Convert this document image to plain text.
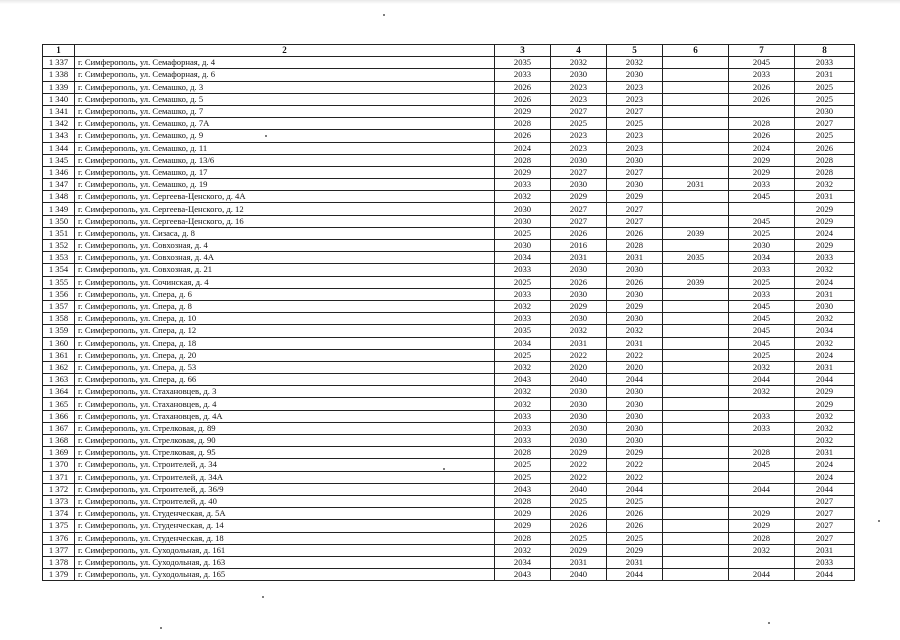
1	2	3	4	5	6	7	8
1 337	г. Симферополь, ул. Семафорная, д. 4	2035	2032	2032		2045	2033
1 338	г. Симферополь, ул. Семафорная, д. 6	2033	2030	2030		2033	2031
1 339	г. Симферополь, ул. Семашко, д. 3	2026	2023	2023		2026	2025
1 340	г. Симферополь, ул. Семашко, д. 5	2026	2023	2023		2026	2025
1 341	г. Симферополь, ул. Семашко, д. 7	2029	2027	2027			2030
1 342	г. Симферополь, ул. Семашко, д. 7А	2028	2025	2025		2028	2027
1 343	г. Симферополь, ул. Семашко, д. 9	2026	2023	2023		2026	2025
1 344	г. Симферополь, ул. Семашко, д. 11	2024	2023	2023		2024	2026
1 345	г. Симферополь, ул. Семашко, д. 13/6	2028	2030	2030		2029	2028
1 346	г. Симферополь, ул. Семашко, д. 17	2029	2027	2027		2029	2028
1 347	г. Симферополь, ул. Семашко, д. 19	2033	2030	2030	2031	2033	2032
1 348	г. Симферополь, ул. Сергеева-Ценского, д. 4А	2032	2029	2029		2045	2031
1 349	г. Симферополь, ул. Сергеева-Ценского, д. 12	2030	2027	2027			2029
1 350	г. Симферополь, ул. Сергеева-Ценского, д. 16	2030	2027	2027		2045	2029
1 351	г. Симферополь, ул. Сизаса, д. 8	2025	2026	2026	2039	2025	2024
1 352	г. Симферополь, ул. Совхозная, д. 4	2030	2016	2028		2030	2029
1 353	г. Симферополь, ул. Совхозная, д. 4А	2034	2031	2031	2035	2034	2033
1 354	г. Симферополь, ул. Совхозная, д. 21	2033	2030	2030		2033	2032
1 355	г. Симферополь, ул. Сочинская, д. 4	2025	2026	2026	2039	2025	2024
1 356	г. Симферополь, ул. Спера, д. 6	2033	2030	2030		2033	2031
1 357	г. Симферополь, ул. Спера, д. 8	2032	2029	2029		2045	2030
1 358	г. Симферополь, ул. Спера, д. 10	2033	2030	2030		2045	2032
1 359	г. Симферополь, ул. Спера, д. 12	2035	2032	2032		2045	2034
1 360	г. Симферополь, ул. Спера, д. 18	2034	2031	2031		2045	2032
1 361	г. Симферополь, ул. Спера, д. 20	2025	2022	2022		2025	2024
1 362	г. Симферополь, ул. Спера, д. 53	2032	2020	2020		2032	2031
1 363	г. Симферополь, ул. Спера, д. 66	2043	2040	2044		2044	2044
1 364	г. Симферополь, ул. Стахановцев, д. 3	2032	2030	2030		2032	2029
1 365	г. Симферополь, ул. Стахановцев, д. 4	2032	2030	2030			2029
1 366	г. Симферополь, ул. Стахановцев, д. 4А	2033	2030	2030		2033	2032
1 367	г. Симферополь, ул. Стрелковая, д. 89	2033	2030	2030		2033	2032
1 368	г. Симферополь, ул. Стрелковая, д. 90	2033	2030	2030			2032
1 369	г. Симферополь, ул. Стрелковая, д. 95	2028	2029	2029		2028	2031
1 370	г. Симферополь, ул. Строителей, д. 34	2025	2022	2022		2045	2024
1 371	г. Симферополь, ул. Строителей, д. 34А	2025	2022	2022			2024
1 372	г. Симферополь, ул. Строителей, д. 36/9	2043	2040	2044		2044	2044
1 373	г. Симферополь, ул. Строителей, д. 40	2028	2025	2025			2027
1 374	г. Симферополь, ул. Студенческая, д. 5А	2029	2026	2026		2029	2027
1 375	г. Симферополь, ул. Студенческая, д. 14	2029	2026	2026		2029	2027
1 376	г. Симферополь, ул. Студенческая, д. 18	2028	2025	2025		2028	2027
1 377	г. Симферополь, ул. Суходольная, д. 161	2032	2029	2029		2032	2031
1 378	г. Симферополь, ул. Суходольная, д. 163	2034	2031	2031			2033
1 379	г. Симферополь, ул. Суходольная, д. 165	2043	2040	2044		2044	2044
